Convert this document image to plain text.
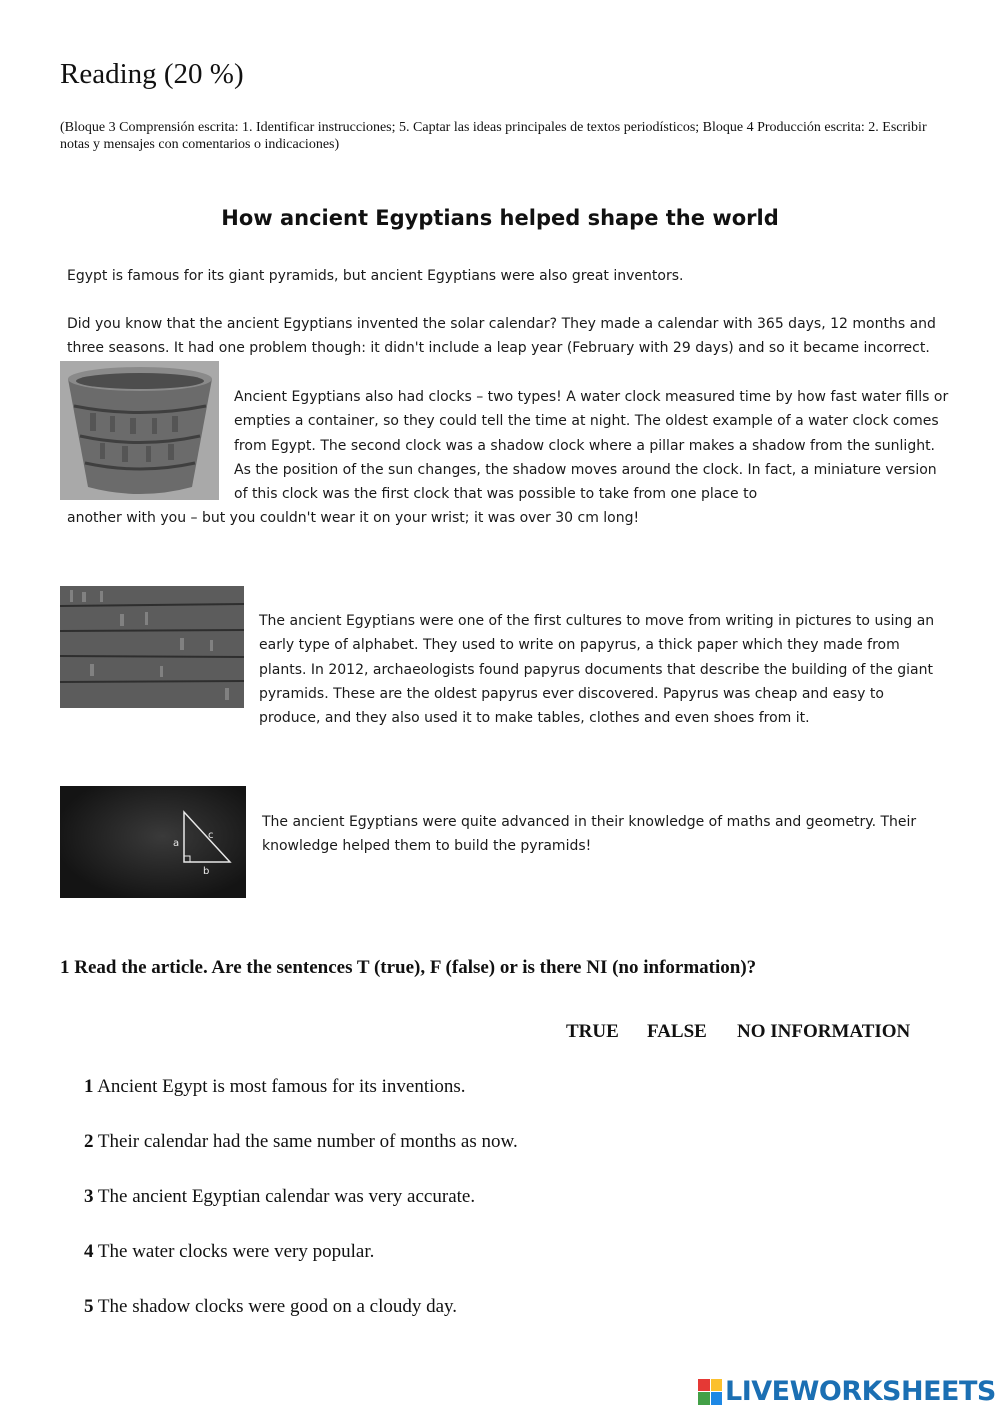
Reading (20 %)
(Bloque 3 Comprensión escrita: 1. Identificar instrucciones; 5. Captar las ideas principales de textos periodísticos; Bloque 4 Producción escrita: 2. Escribir notas y mensajes con comentarios o indicaciones)
How ancient Egyptians helped shape the world
Egypt is famous for its giant pyramids, but ancient Egyptians were also great inventors.
Did you know that the ancient Egyptians invented the solar calendar? They made a calendar with 365 days, 12 months and three seasons. It had one problem though: it didn't include a leap year (February with 29 days) and so it became incorrect.
Ancient Egyptians also had clocks – two types! A water clock measured time by how fast water fills or empties a container, so they could tell the time at night. The oldest example of a water clock comes from Egypt. The second clock was a shadow clock where a pillar makes a shadow from the sunlight. As the position of the sun changes, the shadow moves around the clock. In fact, a miniature version of this clock was the first clock that was possible to take from one place to
another with you – but you couldn't wear it on your wrist; it was over 30 cm long!
The ancient Egyptians were one of the first cultures to move from writing in pictures to using an early type of alphabet. They used to write on papyrus, a thick paper which they made from plants. In 2012, archaeologists found papyrus documents that describe the building of the giant pyramids. These are the oldest papyrus ever discovered. Papyrus was cheap and easy to produce, and they also used it to make tables, clothes and even shoes from it.
a
c
b
The ancient Egyptians were quite advanced in their knowledge of maths and geometry. Their knowledge helped them to build the pyramids!
1 Read the article. Are the sentences T (true), F (false) or is there NI (no information)?
TRUE FALSE NO INFORMATION
1 Ancient Egypt is most famous for its inventions.
2 Their calendar had the same number of months as now.
3 The ancient Egyptian calendar was very accurate.
4 The water clocks were very popular.
5 The shadow clocks were good on a cloudy day.
LIVEWORKSHEETS
